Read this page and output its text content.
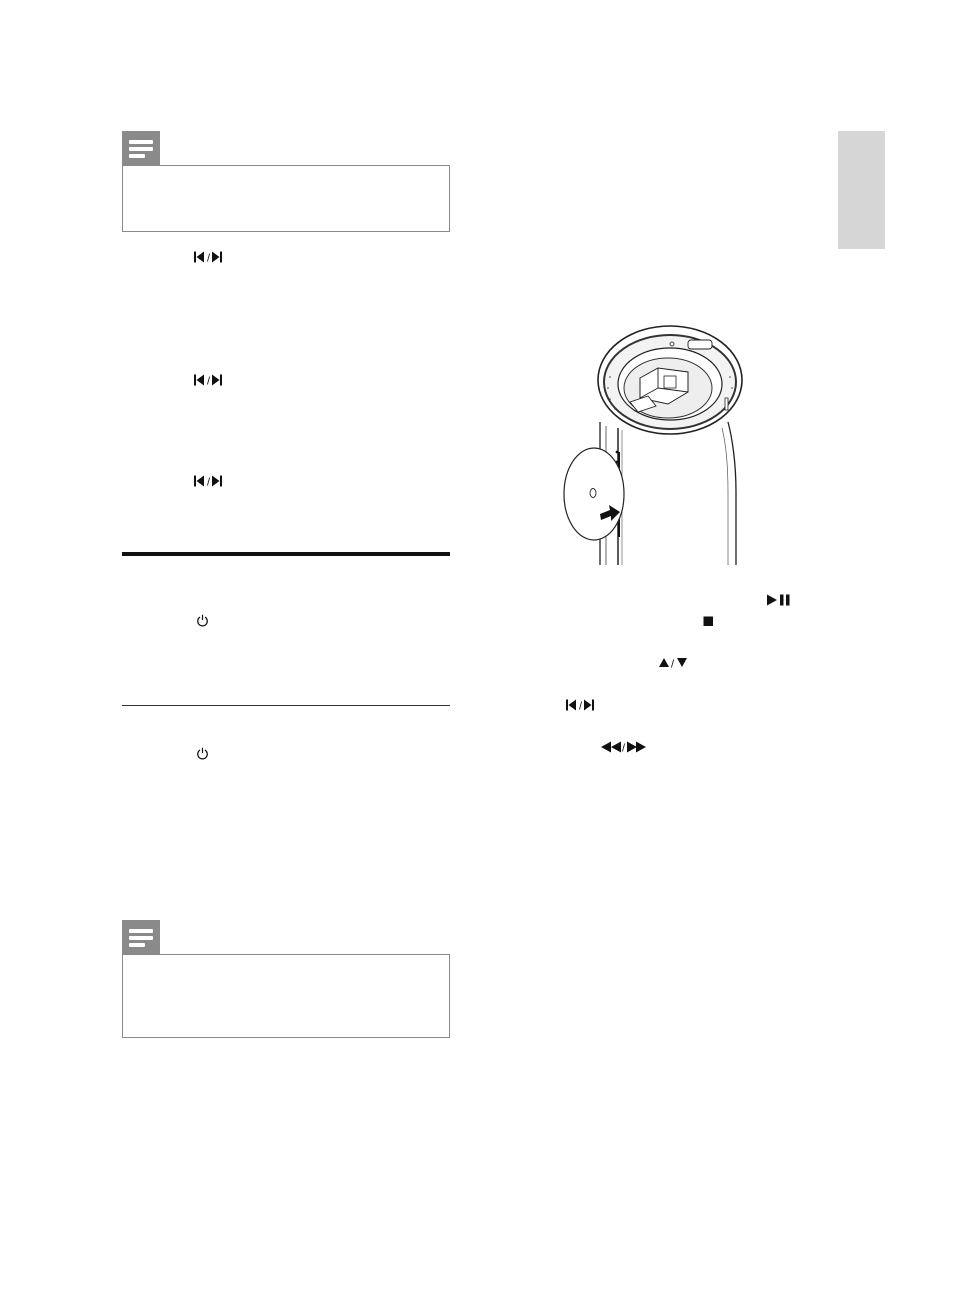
/
/
/
/
/
/
